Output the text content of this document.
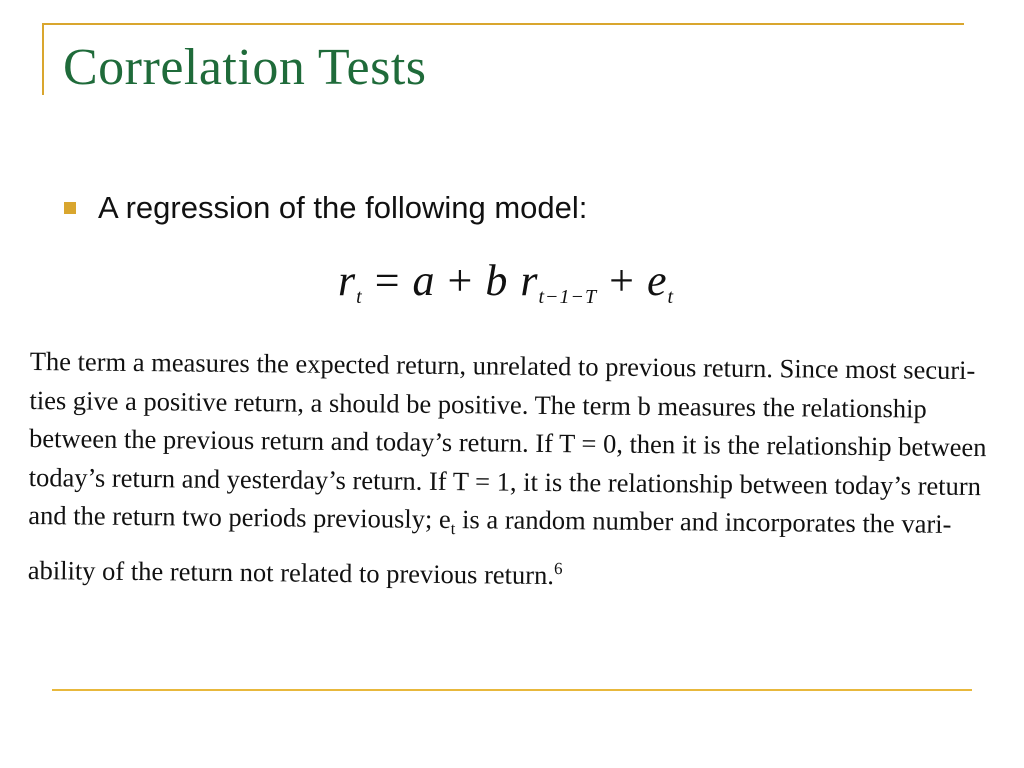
Correlation Tests
A regression of the following model:
$r_t = a + b$ $r_{t-1-T} + e_t$
The term a measures the expected return, unrelated to previous return. Since most securi-
ties give a positive return, a should be positive. The term b measures the relationship
between the previous return and today’s return. If T = 0, then it is the relationship between
today’s return and yesterday’s return. If T = 1, it is the relationship between today’s return
and the return two periods previously; $e_t$ is a random number and incorporates the vari-
ability of the return not related to previous return.$^6$
